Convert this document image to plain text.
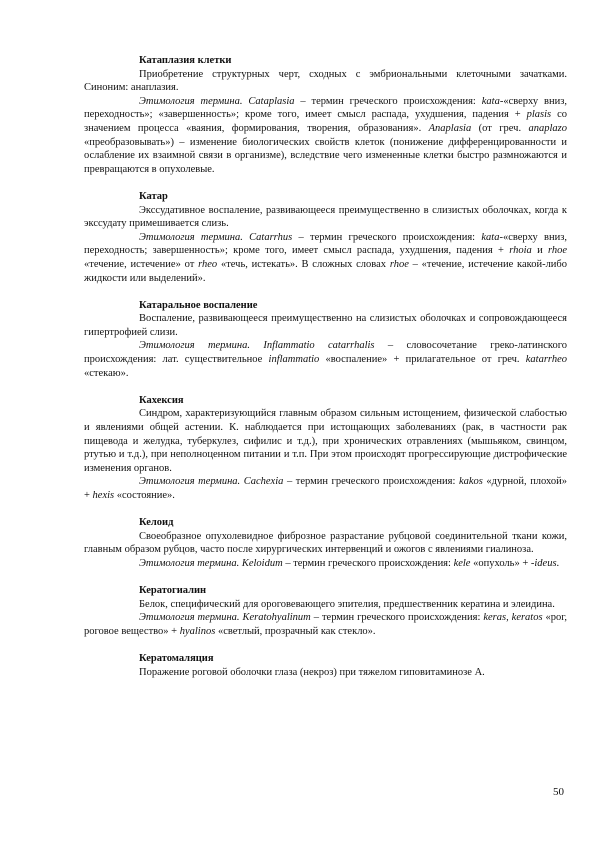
Катаплазия клетки

Приобретение структурных черт, сходных с эмбриональными клеточными зачатками. Синоним: анаплазия.

Этимология термина. Cataplasia – термин греческого происхождения: kata-«сверху вниз, переходность»; «завершенность»; кроме того, имеет смысл распада, ухудшения, падения + plasis со значением процесса «ваяния, формирования, творения, образования». Anaplasia (от греч. anaplazo «преобразовывать») – изменение биологических свойств клеток (понижение дифференцированности и ослабление их взаимной связи в организме), вследствие чего измененные клетки быстро размножаются и превращаются в опухолевые.

Катар

Экссудативное воспаление, развивающееся преимущественно в слизистых оболочках, когда к экссудату примешивается слизь.

Этимология термина. Catarrhus – термин греческого происхождения: kata-«сверху вниз, переходность; завершенность»; кроме того, имеет смысл распада, ухудшения, падения + rhoia и rhoe «течение, истечение» от rheo «течь, истекать». В сложных словах rhoe – «течение, истечение какой-либо жидкости или выделений».

Катаральное воспаление

Воспаление, развивающееся преимущественно на слизистых оболочках и сопровождающееся гипертрофией слизи.

Этимология термина. Inflammatio catarrhalis – словосочетание греко-латинского происхождения: лат. существительное inflammatio «воспаление» + прилагательное от греч. katarrheo «стекаю».

Кахексия

Синдром, характеризующийся главным образом сильным истощением, физической слабостью и явлениями общей астении. К. наблюдается при истощающих заболеваниях (рак, в частности рак пищевода и желудка, туберкулез, сифилис и т.д.), при хронических отравлениях (мышьяком, свинцом, ртутью и т.д.), при неполноценном питании и т.п. При этом происходят прогрессирующие дистрофические изменения органов.

Этимология термина. Cachexia – термин греческого происхождения: kakos «дурной, плохой» + hexis «состояние».

Келоид

Своеобразное опухолевидное фиброзное разрастание рубцовой соединительной ткани кожи, главным образом рубцов, часто после хирургических интервенций и ожогов с явлениями гиалиноза.

Этимология термина. Keloidum – термин греческого происхождения: kele «опухоль» + -ideus.

Кератогиалин

Белок, специфический для ороговевающего эпителия, предшественник кератина и элеидина.

Этимология термина. Keratohyalinum – термин греческого происхождения: keras, keratos «рог, роговое вещество» + hyalinos «светлый, прозрачный как стекло».

Кератомаляция

Поражение роговой оболочки глаза (некроз) при тяжелом гиповитаминозе А.

50
